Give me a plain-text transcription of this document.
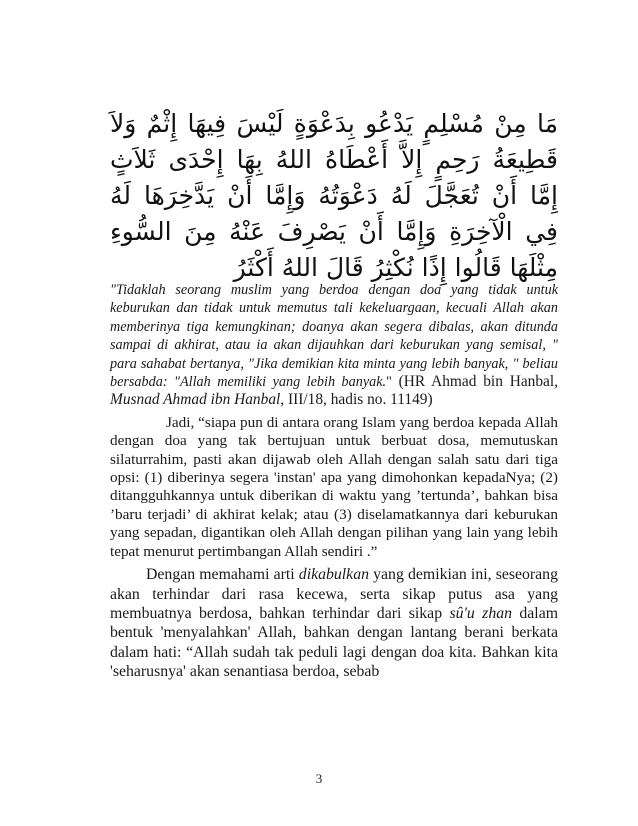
مَا مِنْ مُسْلِمٍ يَدْعُو بِدَعْوَةٍ لَيْسَ فِيهَا إِثْمٌ وَلاَ قَطِيعَةُ رَحِمٍ إِلاَّ أَعْطَاهُ اللهُ بِهَا إِحْدَى ثَلاَثٍ إِمَّا أَنْ تُعَجَّلَ لَهُ دَعْوَتُهُ وَإِمَّا أَنْ يَدَّخِرَهَا لَهُ فِي الْآخِرَةِ وَإِمَّا أَنْ يَصْرِفَ عَنْهُ مِنَ السُّوءِ مِثْلَهَا قَالُوا إِذًا نُكْثِرُ قَالَ اللهُ أَكْثَرُ

"Tidaklah seorang muslim yang berdoa dengan doa yang tidak untuk keburukan dan tidak untuk memutus tali kekeluargaan, kecuali Allah akan memberinya tiga kemungkinan; doanya akan segera dibalas, akan ditunda sampai di akhirat, atau ia akan dijauhkan dari keburukan yang semisal, " para sahabat bertanya, "Jika demikian kita minta yang lebih banyak, " beliau bersabda: "Allah memiliki yang lebih banyak." (HR Ahmad bin Hanbal, Musnad Ahmad ibn Hanbal, III/18, hadis no. 11149)

Jadi, “siapa pun di antara orang Islam yang berdoa kepada Allah dengan doa yang tak bertujuan untuk berbuat dosa, memutuskan silaturrahim, pasti akan dijawab oleh Allah dengan salah satu dari tiga opsi: (1) diberinya segera 'instan' apa yang dimohonkan kepadaNya; (2) ditangguhkannya untuk diberikan di waktu yang ’tertunda’, bahkan bisa ’baru terjadi’ di akhirat kelak; atau (3) diselamatkannya dari keburukan yang sepadan, digantikan oleh Allah dengan pilihan yang lain yang lebih tepat menurut pertimbangan Allah sendiri .”

Dengan memahami arti dikabulkan yang demikian ini, seseorang akan terhindar dari rasa kecewa, serta sikap putus asa yang membuatnya berdosa, bahkan terhindar dari sikap sû'u zhan dalam bentuk 'menyalahkan' Allah, bahkan dengan lantang berani berkata dalam hati: “Allah sudah tak peduli lagi dengan doa kita. Bahkan kita 'seharusnya' akan senantiasa berdoa, sebab

3
